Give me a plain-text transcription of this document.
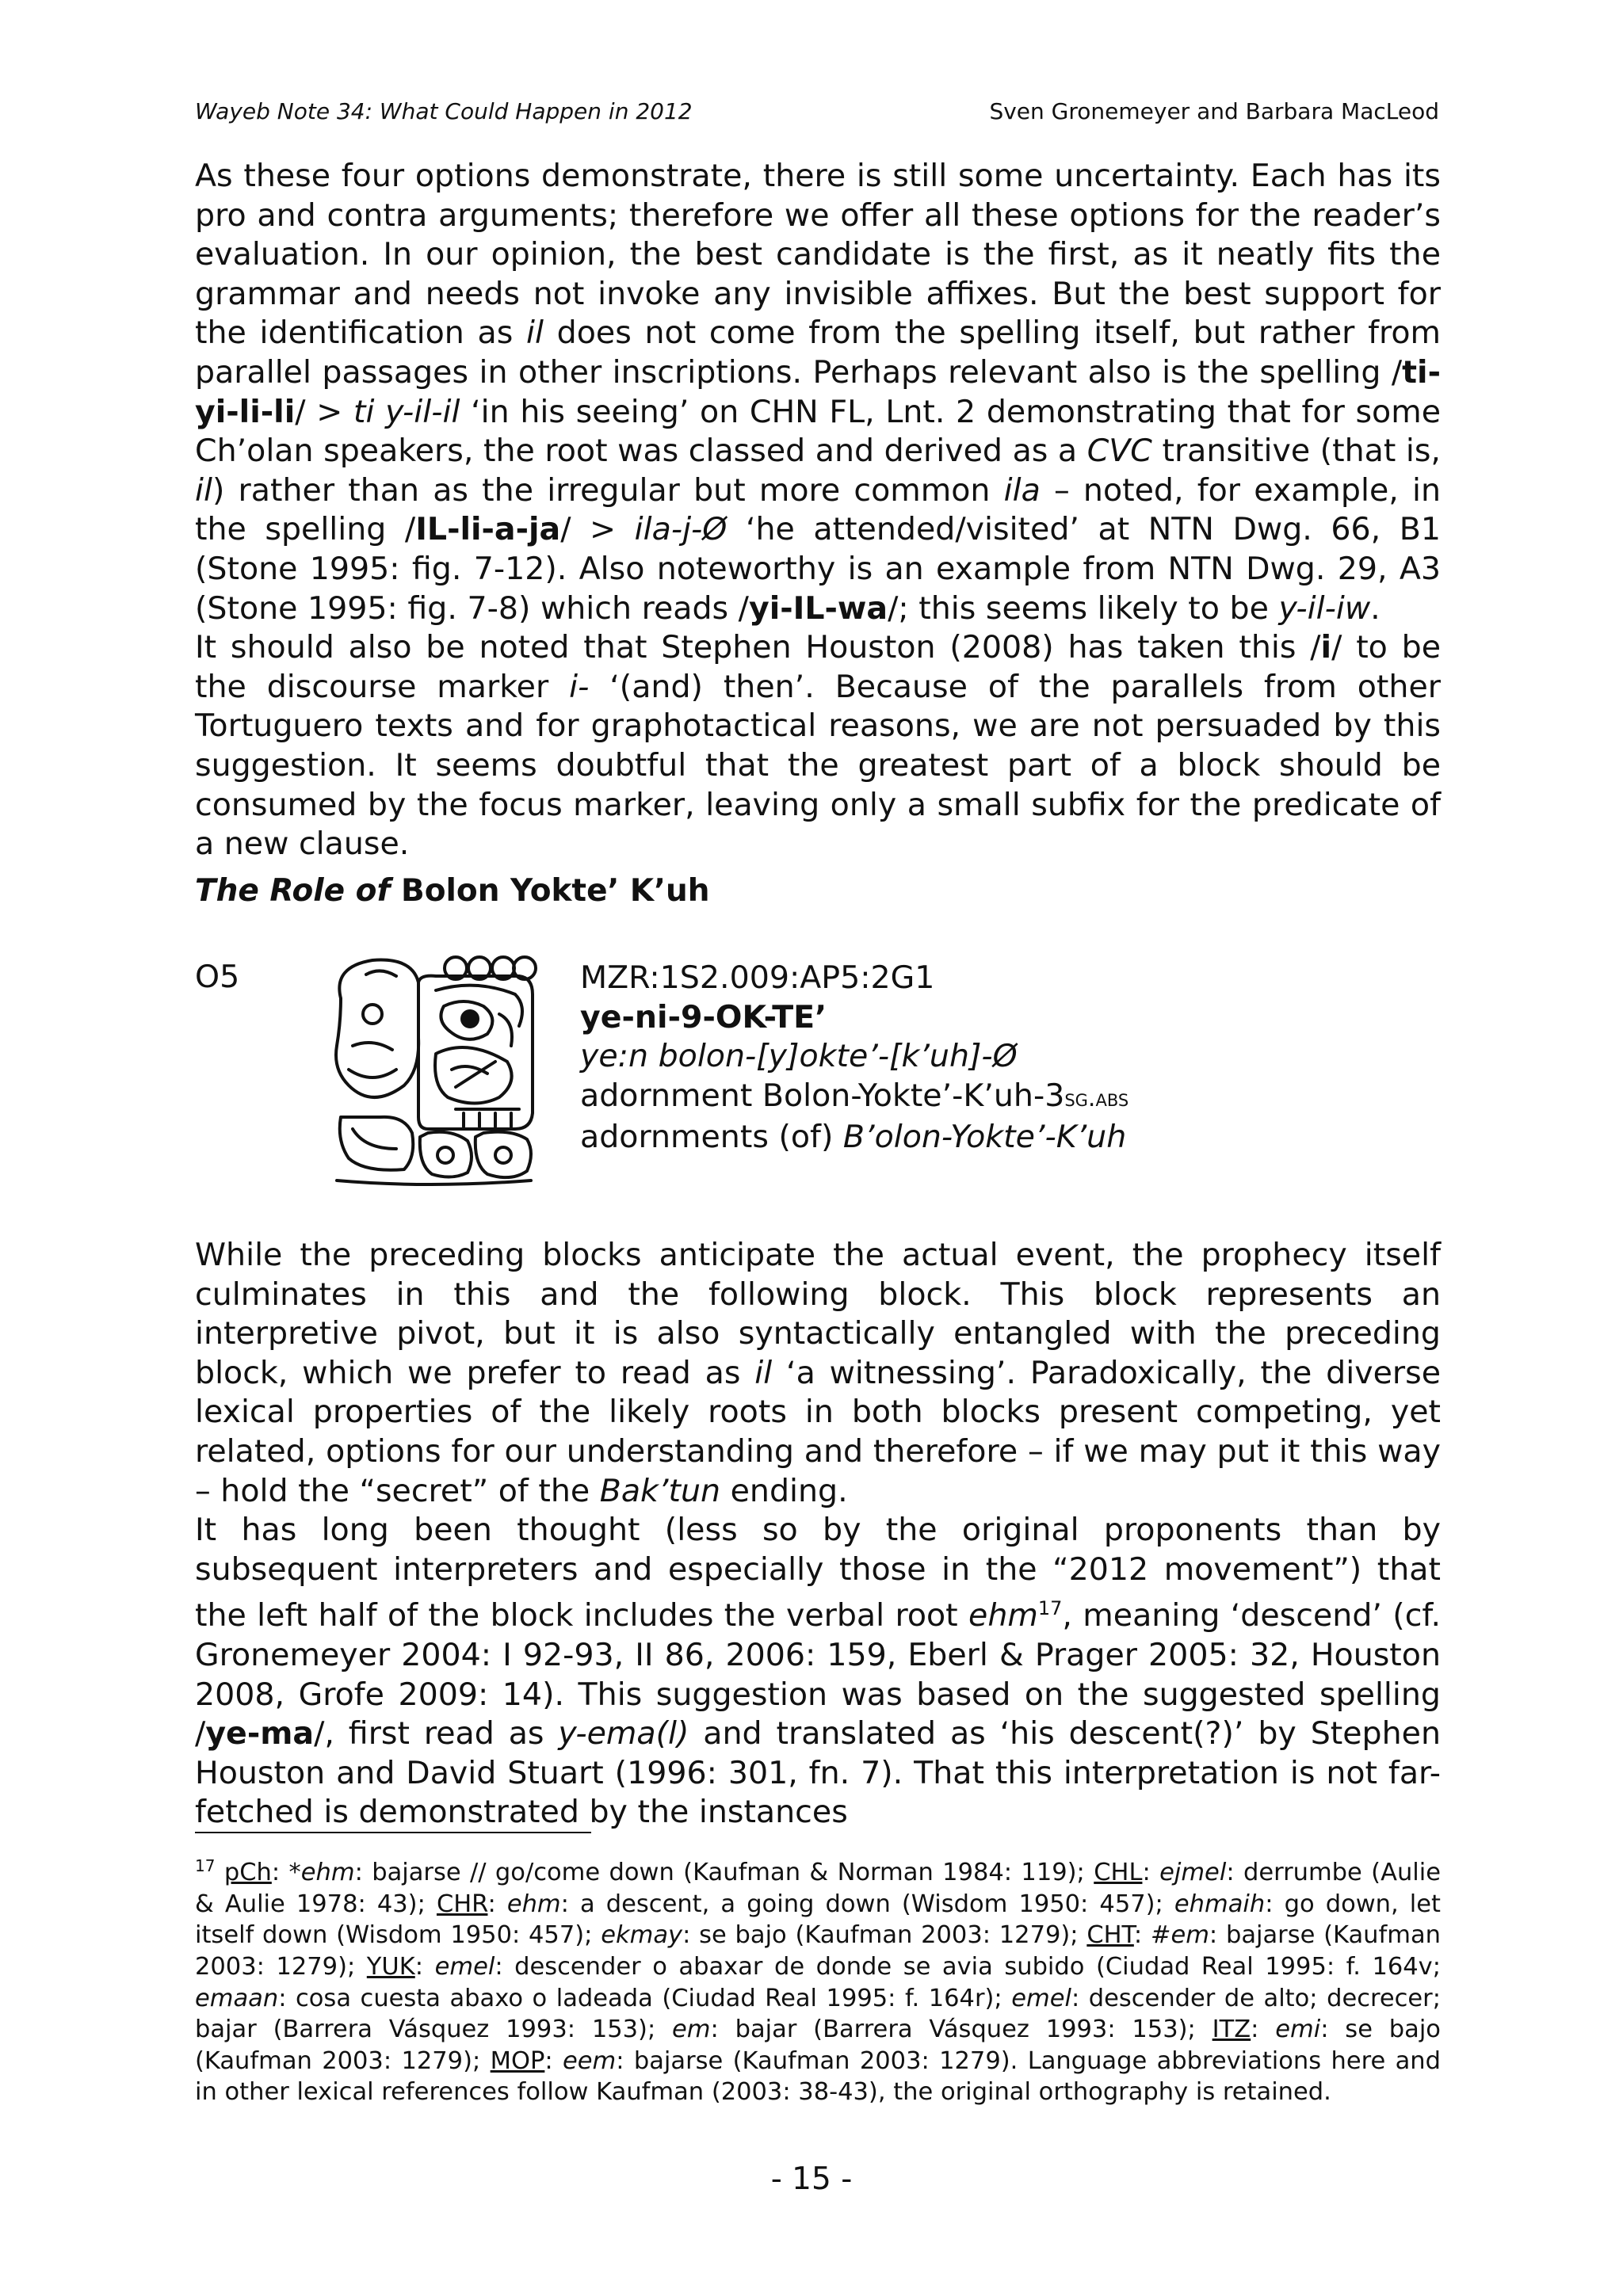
Wayeb Note 34: What Could Happen in 2012	Sven Gronemeyer and Barbara MacLeod

As these four options demonstrate, there is still some uncertainty. Each has its pro and contra arguments; therefore we offer all these options for the reader’s evaluation. In our opinion, the best candidate is the first, as it neatly fits the grammar and needs not invoke any invisible affixes. But the best support for the identification as il does not come from the spelling itself, but rather from parallel passages in other inscriptions. Perhaps relevant also is the spelling /ti-yi-li-li/ > ti y-il-il ‘in his seeing’ on CHN FL, Lnt. 2 demonstrating that for some Ch’olan speakers, the root was classed and derived as a CVC transitive (that is, il) rather than as the irregular but more common ila – noted, for example, in the spelling /IL-li-a-ja/ > ila-j-Ø ‘he attended/visited’ at NTN Dwg. 66, B1 (Stone 1995: fig. 7-12). Also noteworthy is an example from NTN Dwg. 29, A3 (Stone 1995: fig. 7-8) which reads /yi-IL-wa/; this seems likely to be y-il-iw.

It should also be noted that Stephen Houston (2008) has taken this /i/ to be the discourse marker i- ‘(and) then’. Because of the parallels from other Tortuguero texts and for graphotactical reasons, we are not persuaded by this suggestion. It seems doubtful that the greatest part of a block should be consumed by the focus marker, leaving only a small subfix for the predicate of a new clause.

The Role of Bolon Yokte’ K’uh
O5	MZR:1S2.009:AP5:2G1
ye-ni-9-OK-TE’
ye:n bolon-[y]okte’-[k’uh]-Ø
adornment Bolon-Yokte’-K’uh-3sg.abs
adornments (of) B’olon-Yokte’-K’uh

While the preceding blocks anticipate the actual event, the prophecy itself culminates in this and the following block. This block represents an interpretive pivot, but it is also syntactically entangled with the preceding block, which we prefer to read as il ‘a witnessing’. Paradoxically, the diverse lexical properties of the likely roots in both blocks present competing, yet related, options for our understanding and therefore – if we may put it this way – hold the “secret” of the Bak’tun ending.

It has long been thought (less so by the original proponents than by subsequent interpreters and especially those in the “2012 movement”) that the left half of the block includes the verbal root ehm$^{17}$, meaning ‘descend’ (cf. Gronemeyer 2004: I 92-93, II 86, 2006: 159, Eberl & Prager 2005: 32, Houston 2008, Grofe 2009: 14). This suggestion was based on the suggested spelling /ye-ma/, first read as y-ema(l) and translated as ‘his descent(?)’ by Stephen Houston and David Stuart (1996: 301, fn. 7). That this interpretation is not far-fetched is demonstrated by the instances

$^{17}$ pCh: *ehm: bajarse // go/come down (Kaufman & Norman 1984: 119); CHL: ejmel: derrumbe (Aulie & Aulie 1978: 43); CHR: ehm: a descent, a going down (Wisdom 1950: 457); ehmaih: go down, let itself down (Wisdom 1950: 457); ekmay: se bajo (Kaufman 2003: 1279); CHT: #em: bajarse (Kaufman 2003: 1279); YUK: emel: descender o abaxar de donde se avia subido (Ciudad Real 1995: f. 164v; emaan: cosa cuesta abaxo o ladeada (Ciudad Real 1995: f. 164r); emel: descender de alto; decrecer; bajar (Barrera Vásquez 1993: 153); em: bajar (Barrera Vásquez 1993: 153); ITZ: emi: se bajo (Kaufman 2003: 1279); MOP: eem: bajarse (Kaufman 2003: 1279). Language abbreviations here and in other lexical references follow Kaufman (2003: 38-43), the original orthography is retained.

- 15 -
